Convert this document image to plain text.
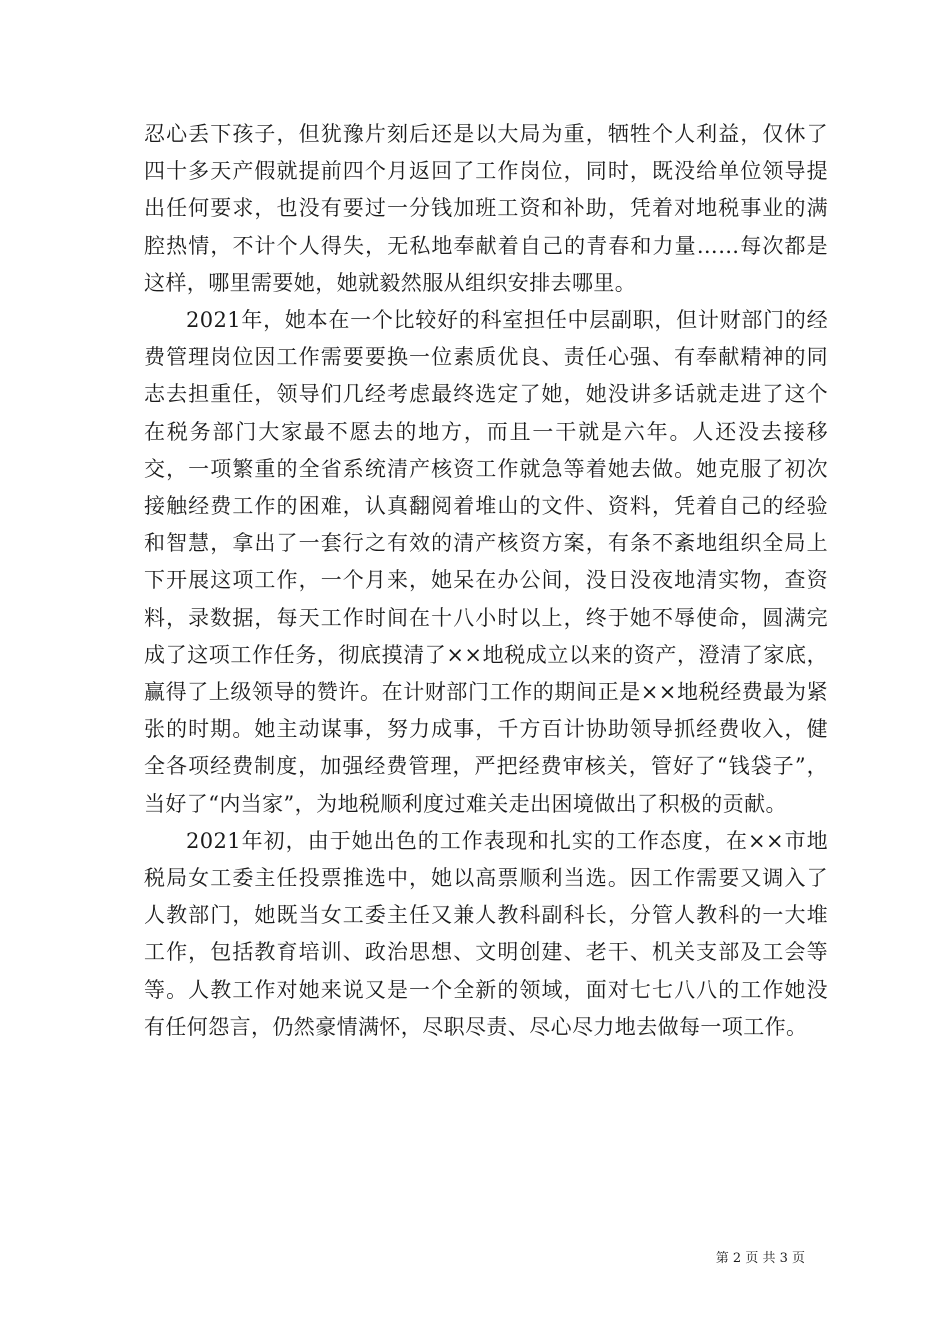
忍心丢下孩子，但犹豫片刻后还是以大局为重，牺牲个人利益，仅休了四十多天产假就提前四个月返回了工作岗位，同时，既没给单位领导提出任何要求，也没有要过一分钱加班工资和补助，凭着对地税事业的满腔热情，不计个人得失，无私地奉献着自己的青春和力量……每次都是这样，哪里需要她，她就毅然服从组织安排去哪里。

2021年，她本在一个比较好的科室担任中层副职，但计财部门的经费管理岗位因工作需要要换一位素质优良、责任心强、有奉献精神的同志去担重任，领导们几经考虑最终选定了她，她没讲多话就走进了这个在税务部门大家最不愿去的地方，而且一干就是六年。人还没去接移交，一项繁重的全省系统清产核资工作就急等着她去做。她克服了初次接触经费工作的困难，认真翻阅着堆山的文件、资料，凭着自己的经验和智慧，拿出了一套行之有效的清产核资方案，有条不紊地组织全局上下开展这项工作，一个月来，她呆在办公间，没日没夜地清实物，查资料，录数据，每天工作时间在十八小时以上，终于她不辱使命，圆满完成了这项工作任务，彻底摸清了××地税成立以来的资产，澄清了家底，赢得了上级领导的赞许。在计财部门工作的期间正是××地税经费最为紧张的时期。她主动谋事，努力成事，千方百计协助领导抓经费收入，健全各项经费制度，加强经费管理，严把经费审核关，管好了“钱袋子”，当好了“内当家”，为地税顺利度过难关走出困境做出了积极的贡献。

2021年初，由于她出色的工作表现和扎实的工作态度，在××市地税局女工委主任投票推选中，她以高票顺利当选。因工作需要又调入了人教部门，她既当女工委主任又兼人教科副科长，分管人教科的一大堆工作，包括教育培训、政治思想、文明创建、老干、机关支部及工会等等。人教工作对她来说又是一个全新的领域，面对七七八八的工作她没有任何怨言，仍然豪情满怀，尽职尽责、尽心尽力地去做每一项工作。

第 2 页 共 3 页
